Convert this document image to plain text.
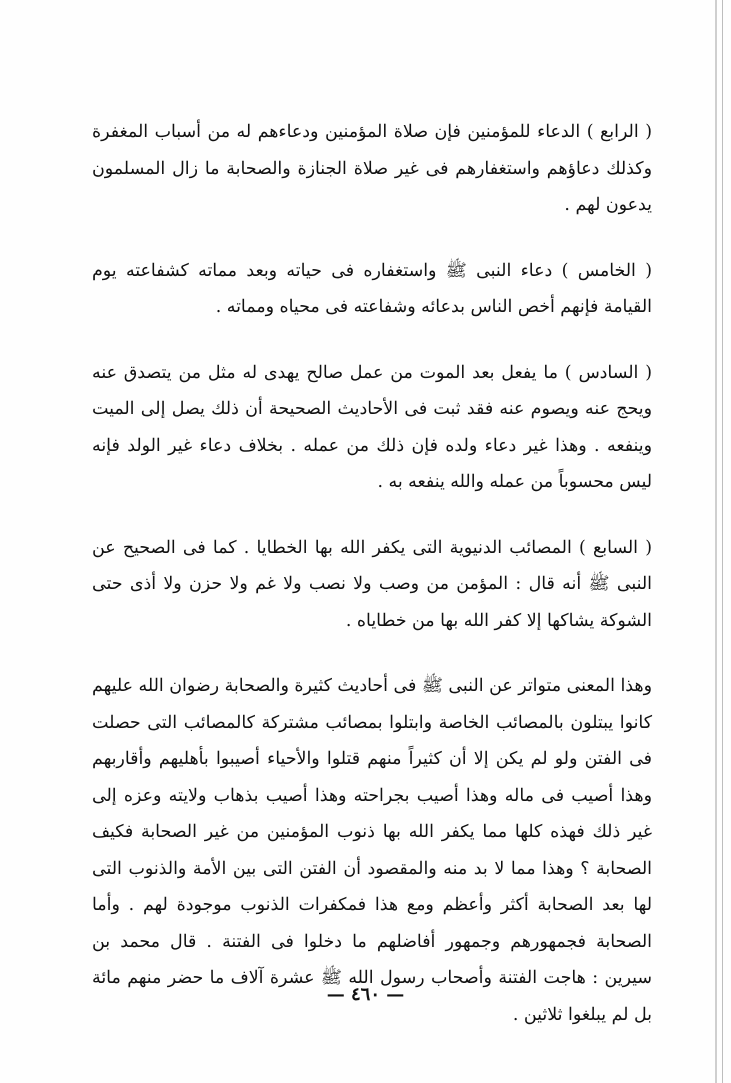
( الرابع ) الدعاء للمؤمنين فإن صلاة المؤمنين ودعاءهم له من أسباب المغفرة وكذلك دعاؤهم واستغفارهم فى غير صلاة الجنازة والصحابة ما زال المسلمون يدعون لهم .

( الخامس ) دعاء النبى ﷺ واستغفاره فى حياته وبعد مماته كشفاعته يوم القيامة فإنهم أخص الناس بدعائه وشفاعته فى محياه ومماته .

( السادس ) ما يفعل بعد الموت من عمل صالح يهدى له مثل من يتصدق عنه ويحج عنه ويصوم عنه فقد ثبت فى الأحاديث الصحيحة أن ذلك يصل إلى الميت وينفعه . وهذا غير دعاء ولده فإن ذلك من عمله . بخلاف دعاء غير الولد فإنه ليس محسوباً من عمله والله ينفعه به .

( السابع ) المصائب الدنيوية التى يكفر الله بها الخطايا . كما فى الصحيح عن النبى ﷺ أنه قال : المؤمن من وصب ولا نصب ولا غم ولا حزن ولا أذى حتى الشوكة يشاكها إلا كفر الله بها من خطاياه .

وهذا المعنى متواتر عن النبى ﷺ فى أحاديث كثيرة والصحابة رضوان الله عليهم كانوا يبتلون بالمصائب الخاصة وابتلوا بمصائب مشتركة كالمصائب التى حصلت فى الفتن ولو لم يكن إلا أن كثيراً منهم قتلوا والأحياء أصيبوا بأهليهم وأقاربهم وهذا أصيب فى ماله وهذا أصيب بجراحته وهذا أصيب بذهاب ولايته وعزه إلى غير ذلك فهذه كلها مما يكفر الله بها ذنوب المؤمنين من غير الصحابة فكيف الصحابة ؟ وهذا مما لا بد منه والمقصود أن الفتن التى بين الأمة والذنوب التى لها بعد الصحابة أكثر وأعظم ومع هذا فمكفرات الذنوب موجودة لهم . وأما الصحابة فجمهورهم وجمهور أفاضلهم ما دخلوا فى الفتنة . قال محمد بن سيرين : هاجت الفتنة وأصحاب رسول الله ﷺ عشرة آلاف ما حضر منهم مائة بل لم يبلغوا ثلاثين .

— ٤٦٠ —
